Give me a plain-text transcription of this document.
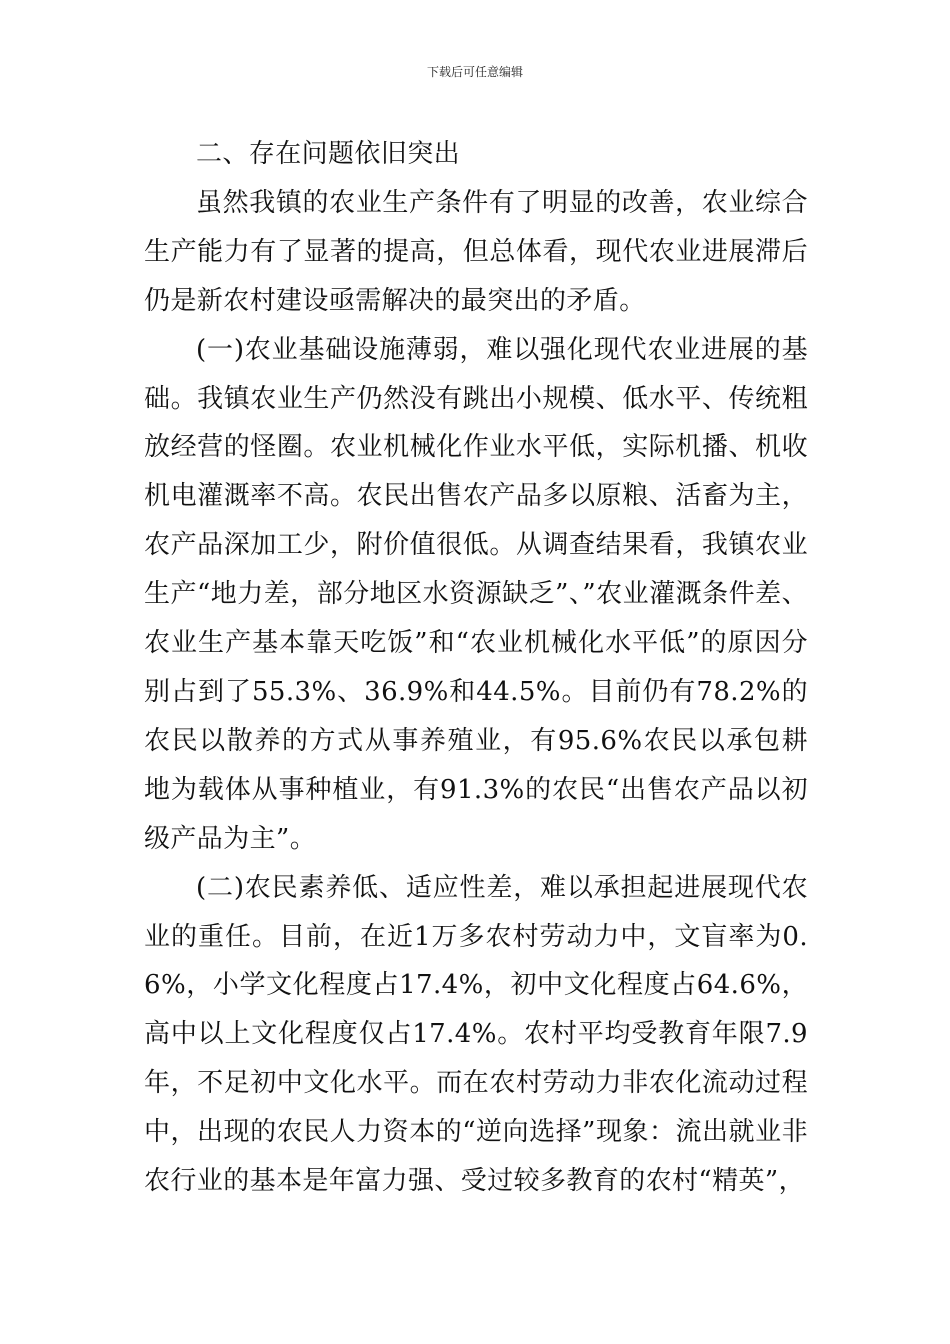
下载后可任意编辑

二、存在问题依旧突出

虽然我镇的农业生产条件有了明显的改善，农业综合生产能力有了显著的提高，但总体看，现代农业进展滞后仍是新农村建设亟需解决的最突出的矛盾。

(一)农业基础设施薄弱，难以强化现代农业进展的基础。我镇农业生产仍然没有跳出小规模、低水平、传统粗放经营的怪圈。农业机械化作业水平低，实际机播、机收机电灌溉率不高。农民出售农产品多以原粮、活畜为主，农产品深加工少，附价值很低。从调查结果看，我镇农业生产“地力差，部分地区水资源缺乏”、”农业灌溉条件差、农业生产基本靠天吃饭”和“农业机械化水平低”的原因分别占到了55.3%、36.9%和44.5%。目前仍有78.2%的农民以散养的方式从事养殖业，有95.6%农民以承包耕地为载体从事种植业，有91.3%的农民“出售农产品以初级产品为主”。

(二)农民素养低、适应性差，难以承担起进展现代农业的重任。目前，在近1万多农村劳动力中，文盲率为0.6%，小学文化程度占17.4%，初中文化程度占64.6%，高中以上文化程度仅占17.4%。农村平均受教育年限7.9年，不足初中文化水平。而在农村劳动力非农化流动过程中，出现的农民人力资本的“逆向选择”现象：流出就业非农行业的基本是年富力强、受过较多教育的农村“精英”，
